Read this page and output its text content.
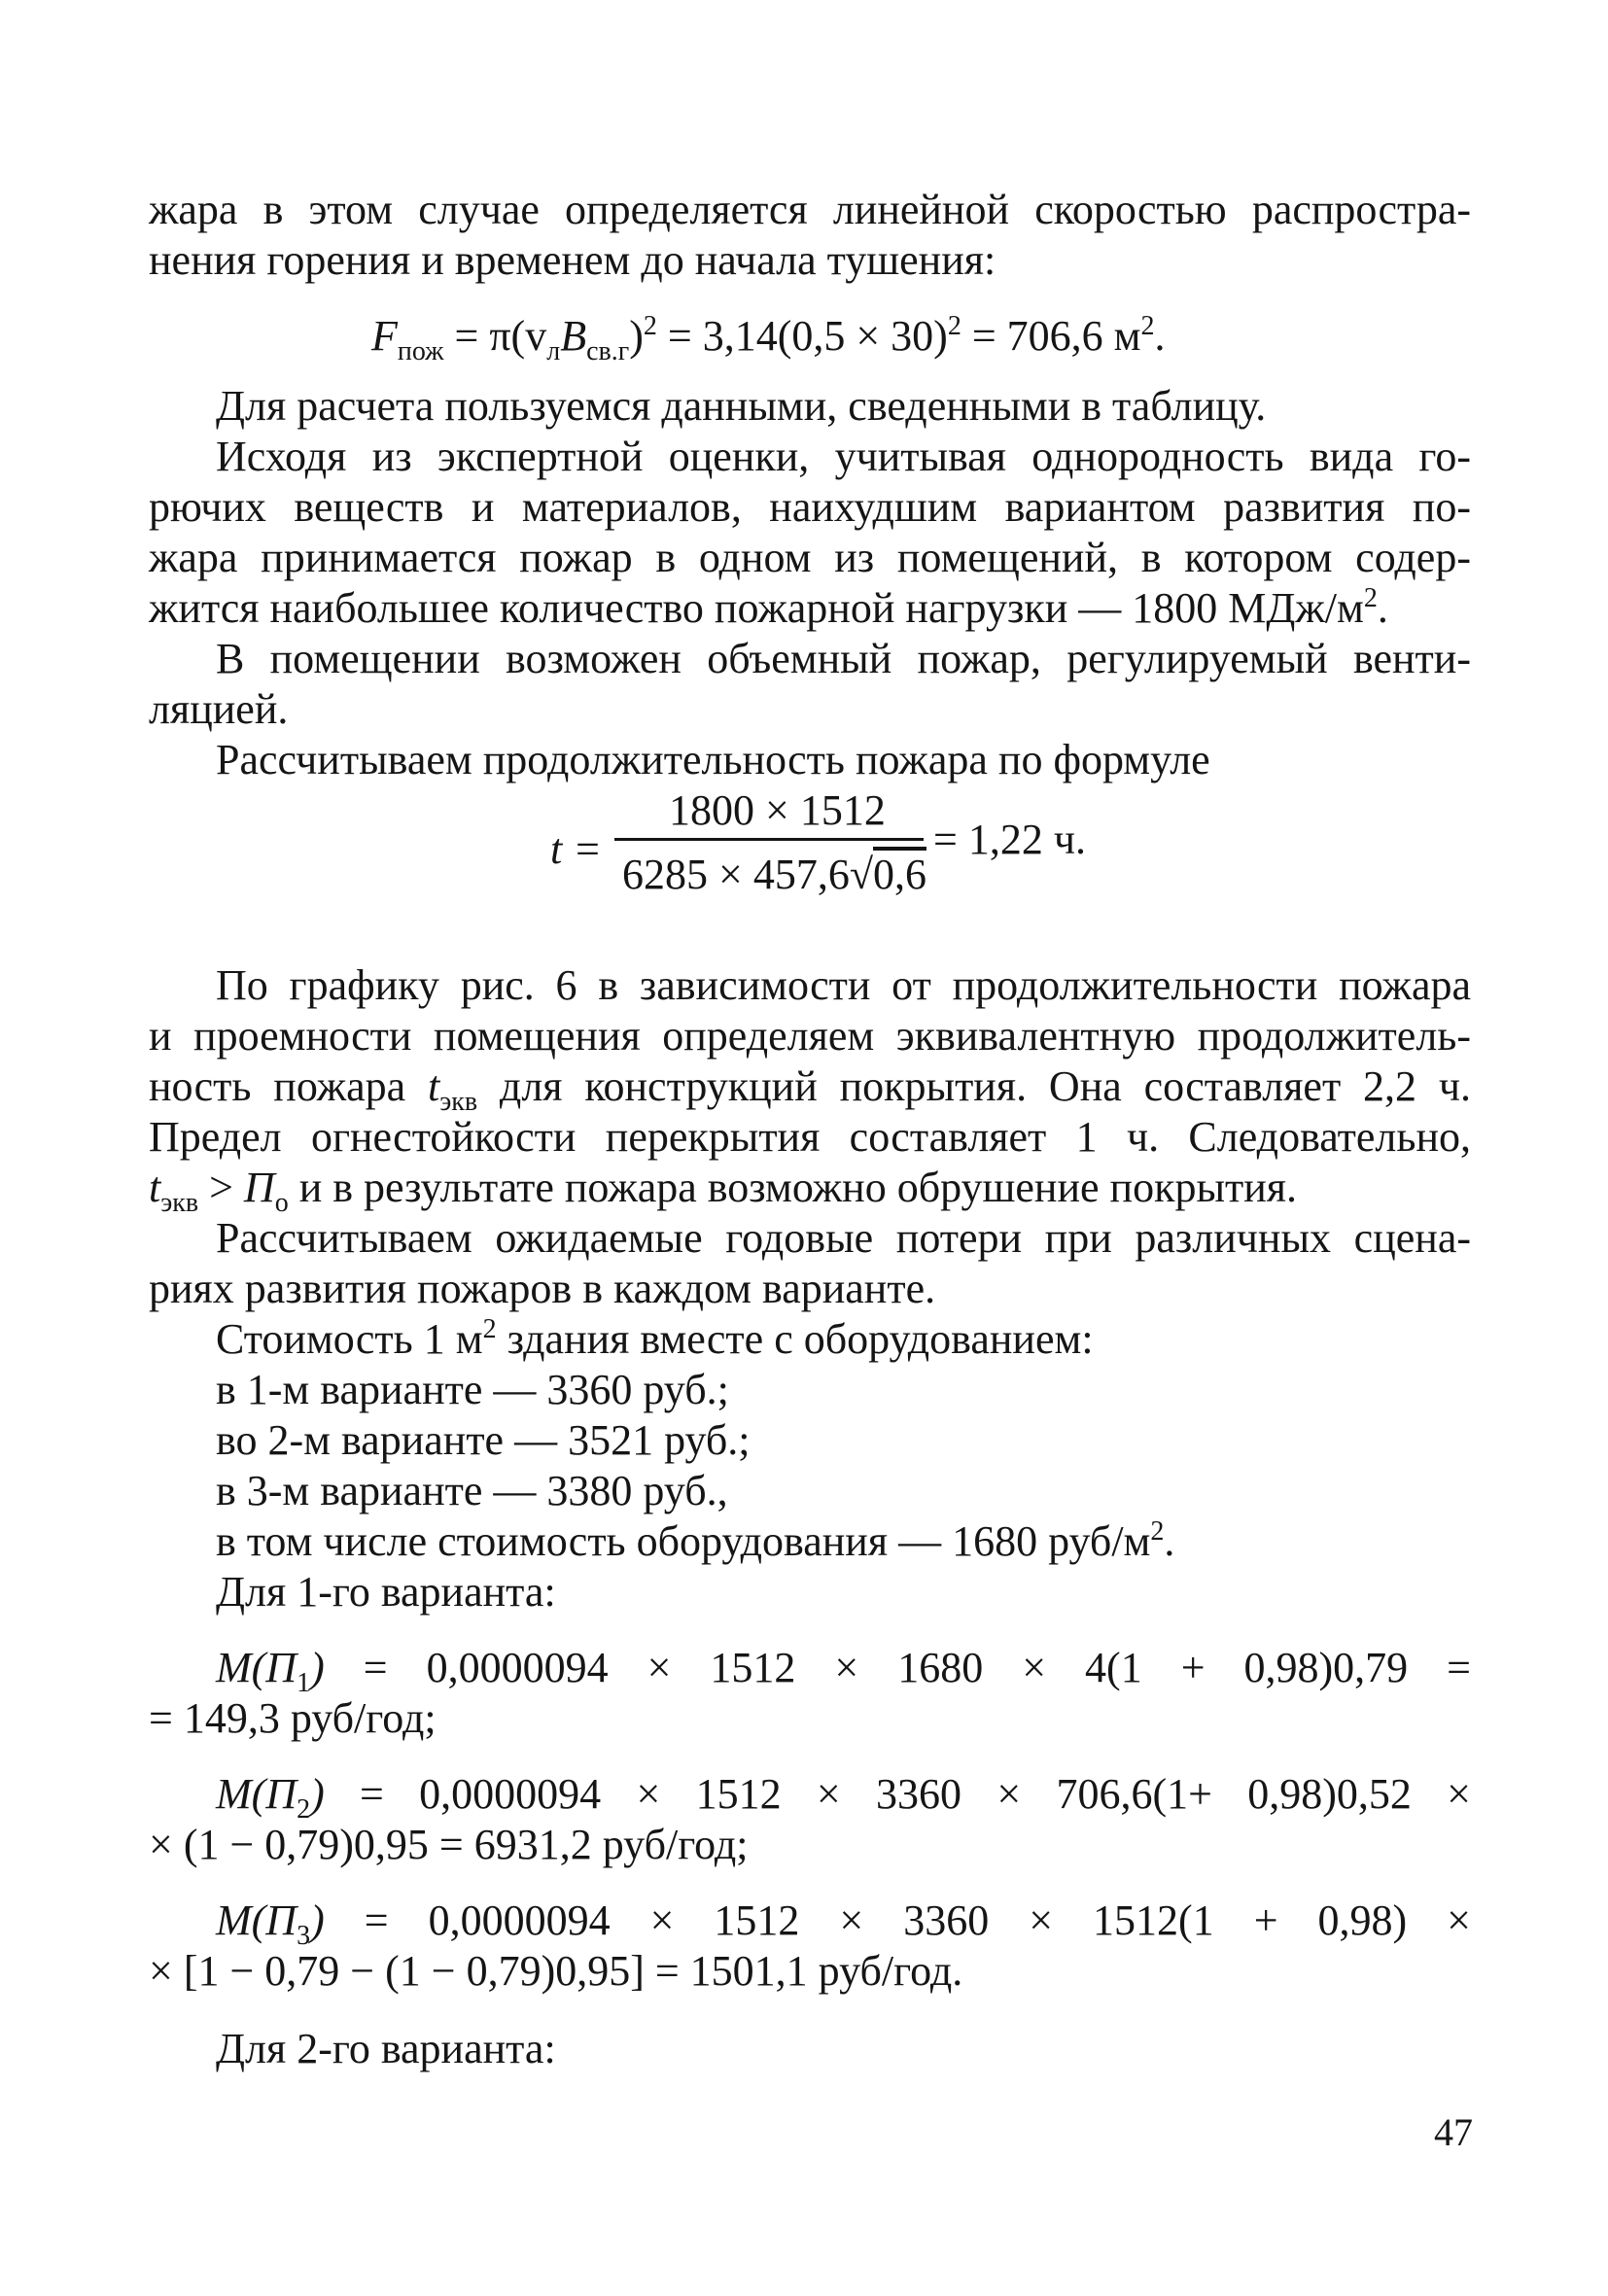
жара в этом случае определяется линейной скоростью распростра-
нения горения и временем до начала тушения:
$F_{пож} = \pi(v_лB_{св.г})^2 = 3,14(0,5 \times 30)^2 = 706,6$ $м^2$.
Для расчета пользуемся данными, сведенными в таблицу.
Исходя из экспертной оценки, учитывая однородность вида го-
рючих веществ и материалов, наихудшим вариантом развития по-
жара принимается пожар в одном из помещений, в котором содер-
жится наибольшее количество пожарной нагрузки — 1800 МДж/$м^2$.
В помещении возможен объемный пожар, регулируемый венти-
ляцией.
Рассчитываем продолжительность пожара по формуле
t =
1800 × 1512
6285 × 457,6√0,6
= 1,22 ч.
По графику рис. 6 в зависимости от продолжительности пожара
и проемности помещения определяем эквивалентную продолжитель-
ность пожара $t_{экв}$ для конструкций покрытия. Она составляет 2,2 ч.
Предел огнестойкости перекрытия составляет 1 ч. Следовательно,
$t_{экв} > П_о$ и в результате пожара возможно обрушение покрытия.
Рассчитываем ожидаемые годовые потери при различных сцена-
риях развития пожаров в каждом варианте.
Стоимость 1 $м^2$ здания вместе с оборудованием:
в 1-м варианте — 3360 руб.;
во 2-м варианте — 3521 руб.;
в 3-м варианте — 3380 руб.,
в том числе стоимость оборудования — 1680 руб/$м^2$.
Для 1-го варианта:
$M(П_1) = 0,0000094 \times 1512 \times 1680 \times 4(1 + 0,98)0,79$ =
= 149,3 руб/год;
$M(П_2) = 0,0000094 \times 1512 \times 3360 \times 706,6(1+ 0,98)0,52$ ×
× (1 − 0,79)0,95 = 6931,2 руб/год;
$M(П_3) = 0,0000094 \times 1512 \times 3360 \times 1512(1 + 0,98)$ ×
× [1 − 0,79 − (1 − 0,79)0,95] = 1501,1 руб/год.
Для 2-го варианта:
47
